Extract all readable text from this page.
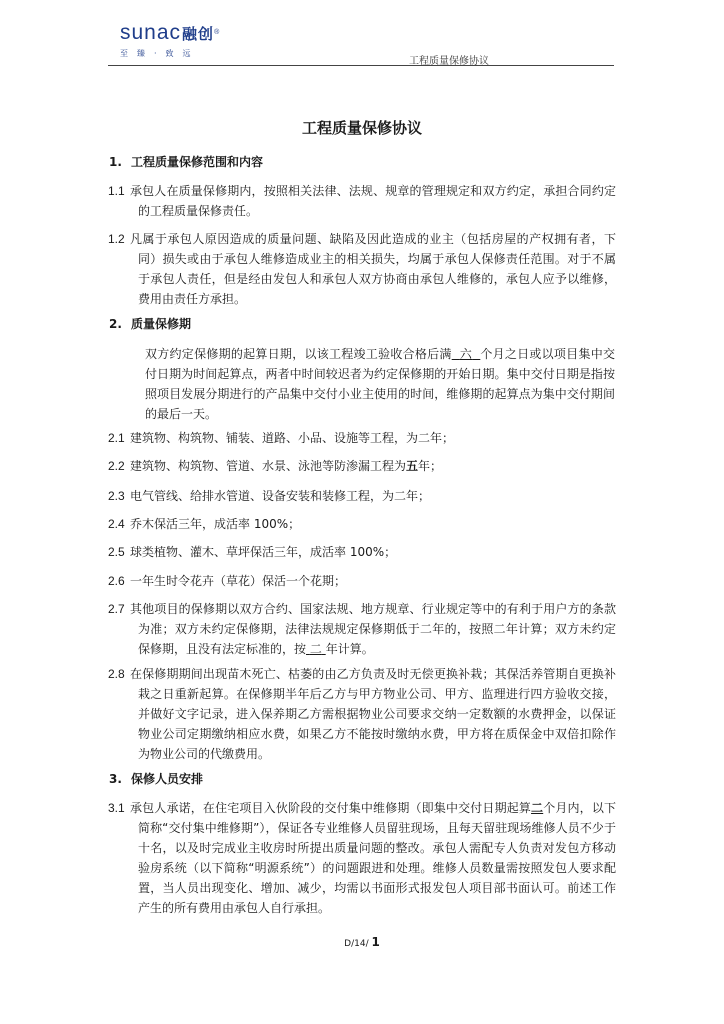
sunac融创®
至臻·致远
工程质量保修协议
工程质量保修协议
1. 工程质量保修范围和内容
1.1 承包人在质量保修期内，按照相关法律、法规、规章的管理规定和双方约定，承担合同约定的工程质量保修责任。
1.2 凡属于承包人原因造成的质量问题、缺陷及因此造成的业主（包括房屋的产权拥有者，下同）损失或由于承包人维修造成业主的相关损失，均属于承包人保修责任范围。对于不属于承包人责任，但是经由发包人和承包人双方协商由承包人维修的，承包人应予以维修，费用由责任方承担。
2. 质量保修期
双方约定保修期的起算日期，以该工程竣工验收合格后满 六 个月之日或以项目集中交付日期为时间起算点，两者中时间较迟者为约定保修期的开始日期。集中交付日期是指按照项目发展分期进行的产品集中交付小业主使用的时间，维修期的起算点为集中交付期间的最后一天。
2.1 建筑物、构筑物、铺装、道路、小品、设施等工程，为二年；
2.2 建筑物、构筑物、管道、水景、泳池等防渗漏工程为五年；
2.3 电气管线、给排水管道、设备安装和装修工程，为二年；
2.4 乔木保活三年，成活率 100%；
2.5 球类植物、灌木、草坪保活三年，成活率 100%；
2.6 一年生时令花卉（草花）保活一个花期；
2.7 其他项目的保修期以双方合约、国家法规、地方规章、行业规定等中的有利于用户方的条款为准；双方未约定保修期，法律法规规定保修期低于二年的，按照二年计算；双方未约定保修期，且没有法定标准的，按 二 年计算。
2.8 在保修期期间出现苗木死亡、枯萎的由乙方负责及时无偿更换补栽；其保活养管期自更换补栽之日重新起算。在保修期半年后乙方与甲方物业公司、甲方、监理进行四方验收交接，并做好文字记录，进入保养期乙方需根据物业公司要求交纳一定数额的水费押金，以保证物业公司定期缴纳相应水费，如果乙方不能按时缴纳水费，甲方将在质保金中双倍扣除作为物业公司的代缴费用。
3. 保修人员安排
3.1 承包人承诺，在住宅项目入伙阶段的交付集中维修期（即集中交付日期起算二个月内，以下简称“交付集中维修期”），保证各专业维修人员留驻现场，且每天留驻现场维修人员不少于十名，以及时完成业主收房时所提出质量问题的整改。承包人需配专人负责对发包方移动验房系统（以下简称“明源系统”）的问题跟进和处理。维修人员数量需按照发包人要求配置，当人员出现变化、增加、减少，均需以书面形式报发包人项目部书面认可。前述工作产生的所有费用由承包人自行承担。
D/14/ 1
